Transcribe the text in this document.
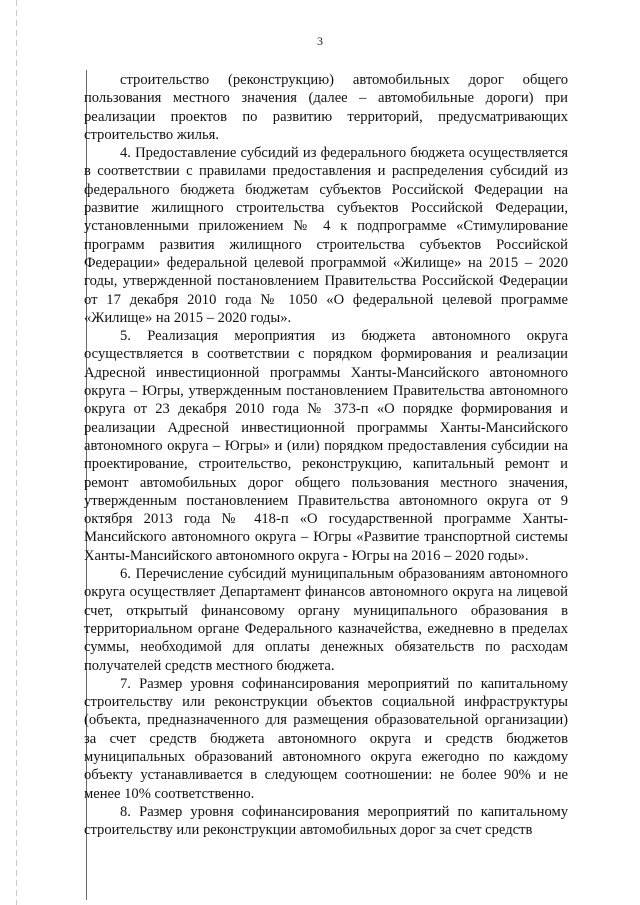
3

строительство (реконструкцию) автомобильных дорог общего пользования местного значения (далее – автомобильные дороги) при реализации проектов по развитию территорий, предусматривающих строительство жилья.

4. Предоставление субсидий из федерального бюджета осуществляется в соответствии с правилами предоставления и распределения субсидий из федерального бюджета бюджетам субъектов Российской Федерации на развитие жилищного строительства субъектов Российской Федерации, установленными приложением № 4 к подпрограмме «Стимулирование программ развития жилищного строительства субъектов Российской Федерации» федеральной целевой программой «Жилище» на 2015 – 2020 годы, утвержденной постановлением Правительства Российской Федерации от 17 декабря 2010 года № 1050 «О федеральной целевой программе «Жилище» на 2015 – 2020 годы».

5. Реализация мероприятия из бюджета автономного округа осуществляется в соответствии с порядком формирования и реализации Адресной инвестиционной программы Ханты-Мансийского автономного округа – Югры, утвержденным постановлением Правительства автономного округа от 23 декабря 2010 года № 373-п «О порядке формирования и реализации Адресной инвестиционной программы Ханты-Мансийского автономного округа – Югры» и (или) порядком предоставления субсидии на проектирование, строительство, реконструкцию, капитальный ремонт и ремонт автомобильных дорог общего пользования местного значения, утвержденным постановлением Правительства автономного округа от 9 октября 2013 года № 418-п «О государственной программе Ханты-Мансийского автономного округа – Югры «Развитие транспортной системы Ханты-Мансийского автономного округа - Югры на 2016 – 2020 годы».

6. Перечисление субсидий муниципальным образованиям автономного округа осуществляет Департамент финансов автономного округа на лицевой счет, открытый финансовому органу муниципального образования в территориальном органе Федерального казначейства, ежедневно в пределах суммы, необходимой для оплаты денежных обязательств по расходам получателей средств местного бюджета.

7. Размер уровня софинансирования мероприятий по капитальному строительству или реконструкции объектов социальной инфраструктуры (объекта, предназначенного для размещения образовательной организации) за счет средств бюджета автономного округа и средств бюджетов муниципальных образований автономного округа ежегодно по каждому объекту устанавливается в следующем соотношении: не более 90% и не менее 10% соответственно.

8. Размер уровня софинансирования мероприятий по капитальному строительству или реконструкции автомобильных дорог за счет средств
